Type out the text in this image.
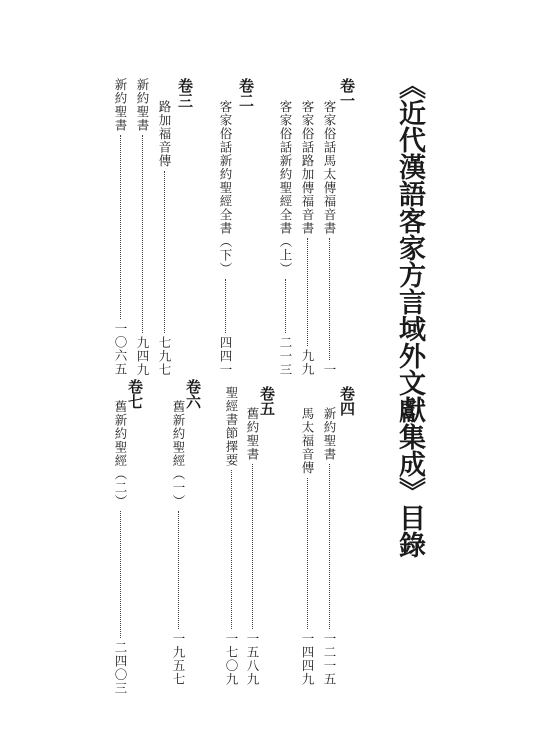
《近代漢語客家方言域外文獻集成》目錄
卷一
客家俗話馬太傳福音書
一
客家俗話路加傳福音書
九九
客家俗話新約聖經全書（上）
二一三
卷二
客家俗話新約聖經全書（下）
四四一
卷三
路加福音傳
七九七
新約聖書
九四九
新約聖書
一〇六五
卷四
新約聖書
一二一五
馬太福音傳
一四四九
卷五
舊約聖書
一五八九
聖經書節擇要
一七〇九
卷六
舊新約聖經（一）
一九五七
卷七
舊新約聖經（二）
二四〇三
